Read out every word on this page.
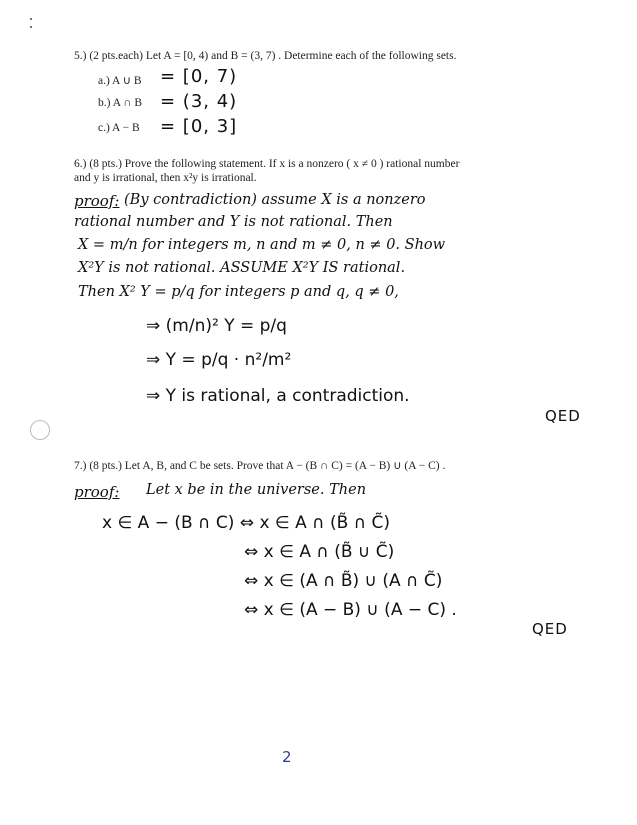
5.) (2 pts.each) Let A = [0, 4) and B = (3, 7) . Determine each of the following sets.
a.) A ∪ B = [0, 7)
b.) A ∩ B = (3, 4)
c.) A − B = [0, 3]
6.) (8 pts.) Prove the following statement. If x is a nonzero ( x ≠ 0 ) rational number
and y is irrational, then x²y is irrational.
proof: (By contradiction) assume X is a nonzero
rational number and Y is not rational. Then
X = m/n for integers m, n and m ≠ 0, n ≠ 0. Show
X²Y is not rational. ASSUME X²Y IS rational.
Then X² Y = p/q for integers p and q, q ≠ 0,
⇒ (m/n)² Y = p/q
⇒ Y = p/q · n²/m²
⇒ Y is rational, a contradiction.
QED
7.) (8 pts.) Let A, B, and C be sets. Prove that A − (B ∩ C) = (A − B) ∪ (A − C) .
proof: Let x be in the universe. Then
x ∈ A − (B ∩ C) ⇔ x ∈ A ∩ (B̃ ∩ C̃)
⇔ x ∈ A ∩ (B̃ ∪ C̃)
⇔ x ∈ (A ∩ B̃) ∪ (A ∩ C̃)
⇔ x ∈ (A − B) ∪ (A − C) .
QED
2
